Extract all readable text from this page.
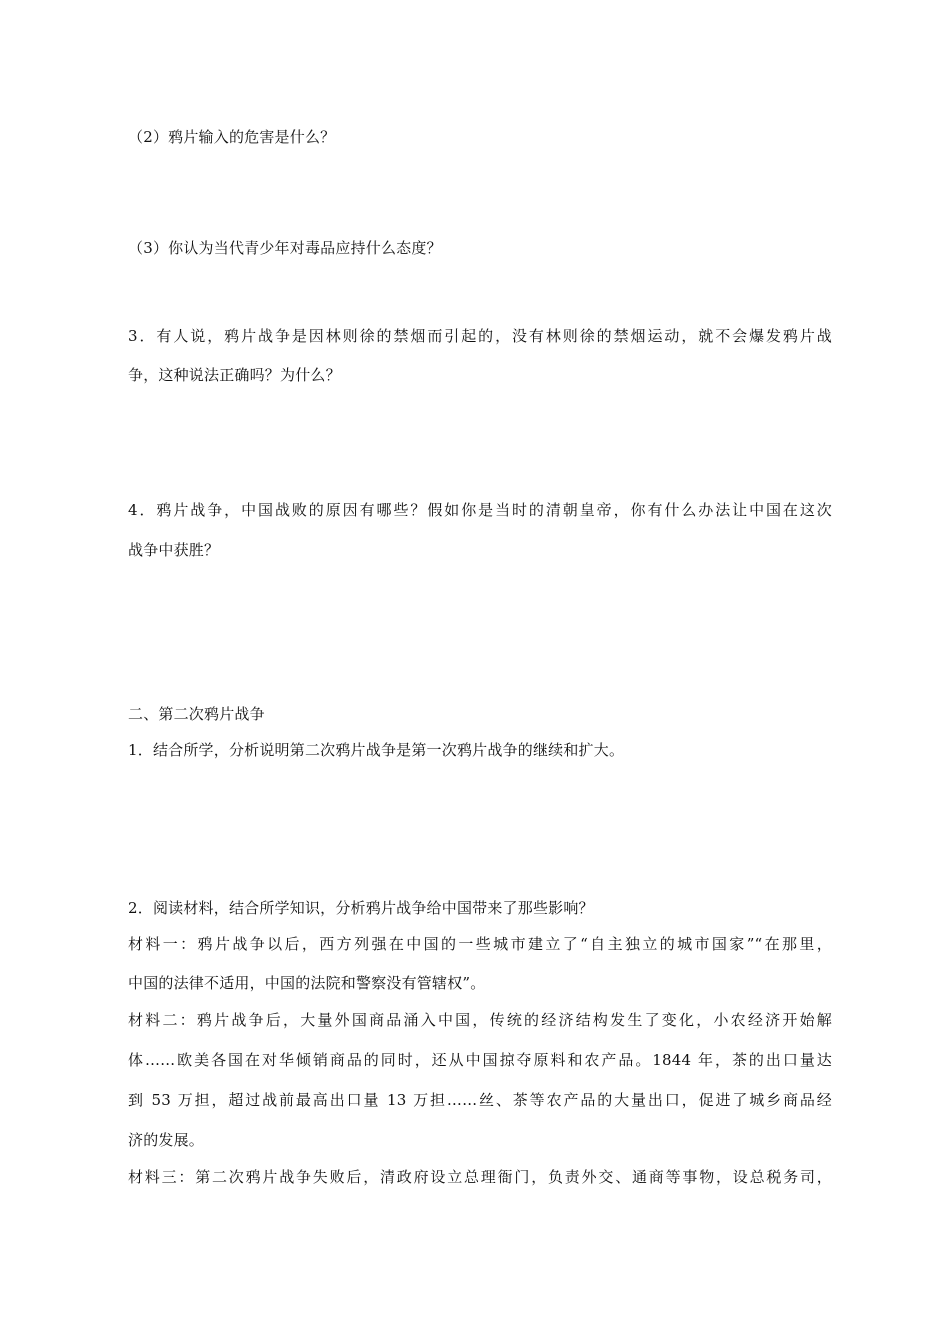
（2）鸦片输入的危害是什么？
（3）你认为当代青少年对毒品应持什么态度？
3．有人说，鸦片战争是因林则徐的禁烟而引起的，没有林则徐的禁烟运动，就不会爆发鸦片战
争，这种说法正确吗？为什么？
4．鸦片战争，中国战败的原因有哪些？假如你是当时的清朝皇帝，你有什么办法让中国在这次
战争中获胜？
二、第二次鸦片战争
1．结合所学，分析说明第二次鸦片战争是第一次鸦片战争的继续和扩大。
2．阅读材料，结合所学知识，分析鸦片战争给中国带来了那些影响？
材料一：鸦片战争以后，西方列强在中国的一些城市建立了“自主独立的城市国家”“在那里，
中国的法律不适用，中国的法院和警察没有管辖权”。
材料二：鸦片战争后，大量外国商品涌入中国，传统的经济结构发生了变化，小农经济开始解
体……欧美各国在对华倾销商品的同时，还从中国掠夺原料和农产品。1844 年，茶的出口量达
到 53 万担，超过战前最高出口量 13 万担……丝、茶等农产品的大量出口，促进了城乡商品经
济的发展。
材料三：第二次鸦片战争失败后，清政府设立总理衙门，负责外交、通商等事物，设总税务司，
